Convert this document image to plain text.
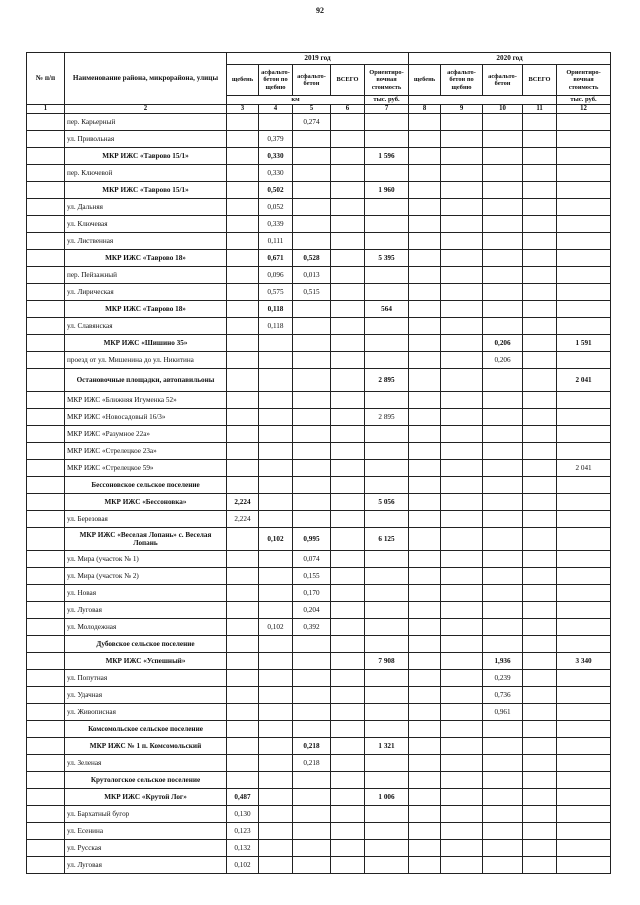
92
№ п/п	Наименование района, микрорайона, улицы	2019 год					2020 год				
		щебень	асфальто-бетон по щебню	асфальто-бетон	ВСЕГО	Ориентиро-вочная стоимость	щебень	асфальто-бетон по щебню	асфальто-бетон	ВСЕГО	Ориентиро-вочная стоимость
		км				тыс. руб.					тыс. руб.
1	2	3	4	5	6	7	8	9	10	11	12
	пер. Карьерный			0,274							
	ул. Привольная		0,379								
	МКР ИЖС «Таврово 15/1»		0,330			1 596					
	пер. Ключевой		0,330								
	МКР ИЖС «Таврово 15/1»		0,502			1 960					
	ул. Дальняя		0,052								
	ул. Ключевая		0,339								
	ул. Лиственная		0,111								
	МКР ИЖС «Таврово 18»		0,671	0,528		5 395					
	пер. Пейзажный		0,096	0,013							
	ул. Лирическая		0,575	0,515							
	МКР ИЖС «Таврово 18»		0,118			564					
	ул. Славянская		0,118								
	МКР ИЖС «Шишино 35»								0,206		1 591
	проезд от ул. Мишенина до ул. Никитина								0,206		
	Остановочные площадки, автопавильоны					2 895					2 041
	МКР ИЖС «Ближняя Игуменка 52»										
	МКР ИЖС «Новосадовый 16/3»					2 895					
	МКР ИЖС «Разумное 22а»										
	МКР ИЖС «Стрелецкое 23а»										
	МКР ИЖС «Стрелецкое 59»										2 041
	Бессоновское сельское поселение										
	МКР ИЖС «Бессоновка»	2,224				5 056					
	ул. Березовая	2,224									
	МКР ИЖС «Веселая Лопань» с. Веселая Лопань		0,102	0,995		6 125					
	ул. Мира (участок № 1)			0,074							
	ул. Мира (участок № 2)			0,155							
	ул. Новая			0,170							
	ул. Луговая			0,204							
	ул. Молодежная		0,102	0,392							
	Дубовское сельское поселение										
	МКР ИЖС «Успешный»					7 908			1,936		3 340
	ул. Попутная								0,239		
	ул. Удачная								0,736		
	ул. Живописная								0,961		
	Комсомольское сельское поселение										
	МКР ИЖС № 1 п. Комсомольский			0,218		1 321					
	ул. Зеленая			0,218							
	Крутологское сельское поселение										
	МКР ИЖС «Крутой Лог»	0,487				1 006					
	ул. Бархатный бугор	0,130									
	ул. Есенина	0,123									
	ул. Русская	0,132									
	ул. Луговая	0,102									
